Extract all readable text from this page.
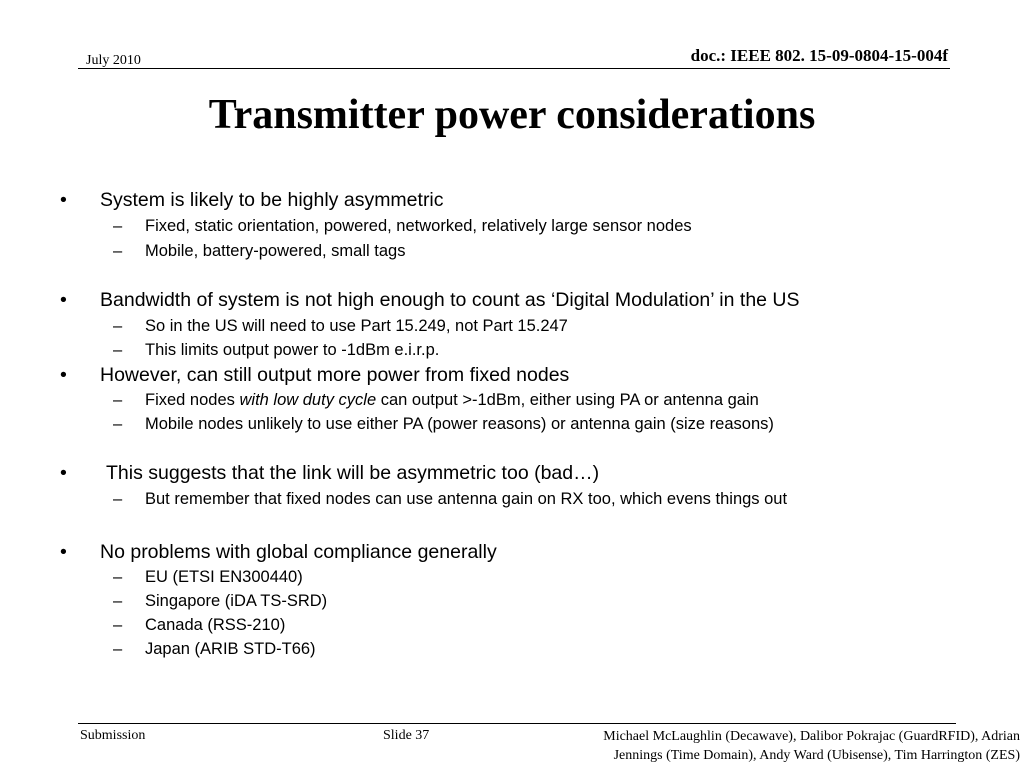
July 2010	doc.: IEEE 802. 15-09-0804-15-004f
Transmitter power considerations
• System is likely to be highly asymmetric
– Fixed, static orientation, powered, networked, relatively large sensor nodes
– Mobile, battery-powered, small tags
• Bandwidth of system is not high enough to count as ‘Digital Modulation’ in the US
– So in the US will need to use Part 15.249, not Part 15.247
– This limits output power to -1dBm e.i.r.p.
• However, can still output more power from fixed nodes
– Fixed nodes with low duty cycle can output >-1dBm, either using PA or antenna gain
– Mobile nodes unlikely to use either PA (power reasons) or antenna gain (size reasons)
• This suggests that the link will be asymmetric too (bad…)
– But remember that fixed nodes can use antenna gain on RX too, which evens things out
• No problems with global compliance generally
– EU (ETSI EN300440)
– Singapore (iDA TS-SRD)
– Canada (RSS-210)
– Japan (ARIB STD-T66)
Submission	Slide 37	Michael McLaughlin (Decawave), Dalibor Pokrajac (GuardRFID), Adrian
Jennings (Time Domain), Andy Ward (Ubisense), Tim Harrington (ZES)
